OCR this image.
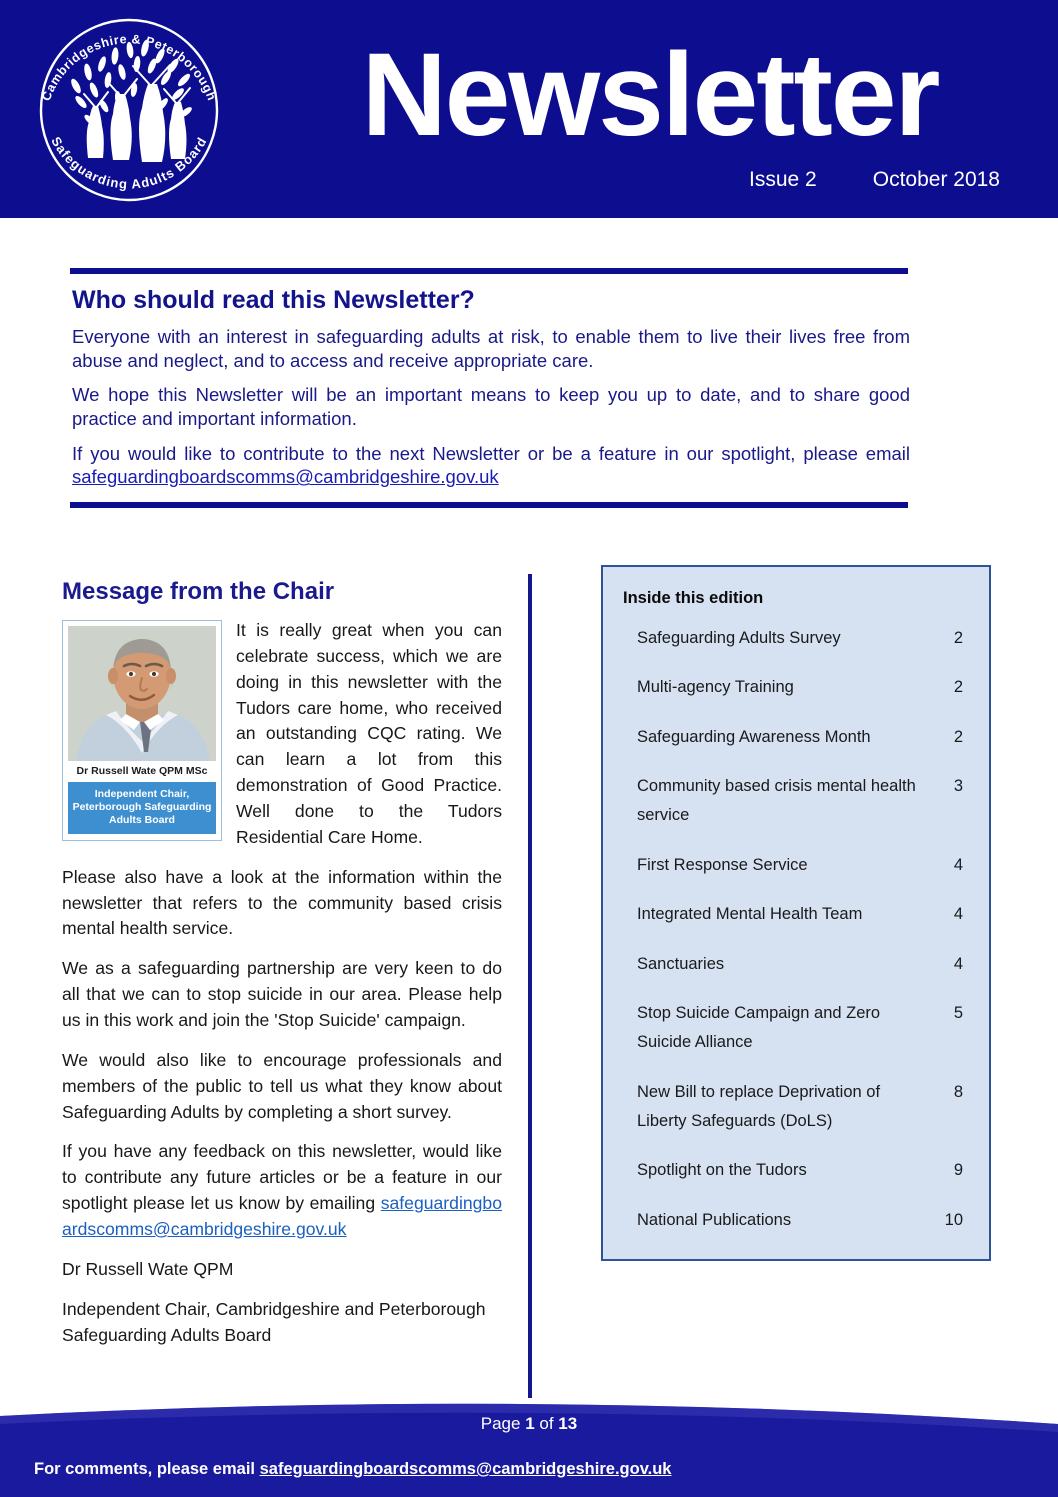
Cambridgeshire & Peterborough
Safeguarding Adults Board	Newsletter
Issue 2	October 2018
Who should read this Newsletter?

Everyone with an interest in safeguarding adults at risk, to enable them to live their lives free from abuse and neglect, and to access and receive appropriate care.

We hope this Newsletter will be an important means to keep you up to date, and to share good practice and important information.

If you would like to contribute to the next Newsletter or be a feature in our spotlight, please email safeguardingboardscomms@cambridgeshire.gov.uk

Message from the Chair
Dr Russell Wate QPM MSc
Independent Chair, Peterborough Safeguarding Adults Board

It is really great when you can celebrate success, which we are doing in this newsletter with the Tudors care home, who received an outstanding CQC rating. We can learn a lot from this demonstration of Good Practice. Well done to the Tudors Residential Care Home.

Please also have a look at the information within the newsletter that refers to the community based crisis mental health service.

We as a safeguarding partnership are very keen to do all that we can to stop suicide in our area. Please help us in this work and join the 'Stop Suicide' campaign.

We would also like to encourage professionals and members of the public to tell us what they know about Safeguarding Adults by completing a short survey.

If you have any feedback on this newsletter, would like to contribute any future articles or be a feature in our spotlight please let us know by emailing safeguardingboardscomms@cambridgeshire.gov.uk

Dr Russell Wate QPM

Independent Chair, Cambridgeshire and Peterborough Safeguarding Adults Board

Inside this edition
Safeguarding Adults Survey	2
Multi-agency Training	2
Safeguarding Awareness Month	2
Community based crisis mental health service
3
First Response Service	4
Integrated Mental Health Team	4
Sanctuaries	4
Stop Suicide Campaign and Zero Suicide Alliance
5
New Bill to replace Deprivation of Liberty Safeguards (DoLS)
8
Spotlight on the Tudors	9
National Publications	10
Page 1 of 13
For comments, please email safeguardingboardscomms@cambridgeshire.gov.uk
